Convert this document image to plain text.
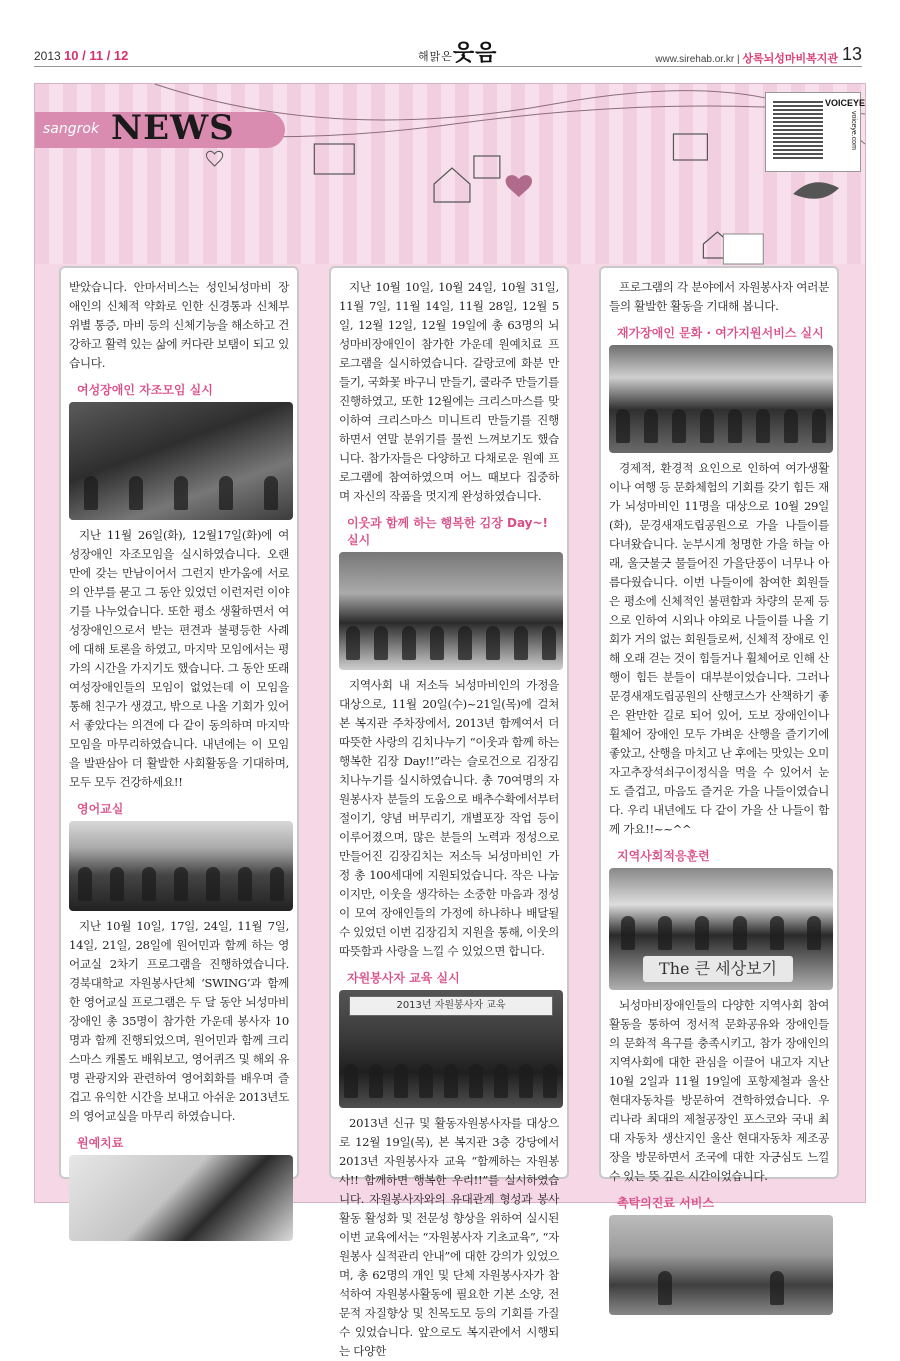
2013 10 / 11 / 12	해맑은웃음	www.sirehab.or.kr | 상록뇌성마비복지관 13
sangrok NEWS
VOICEYE
voiceye.com

받았습니다. 안마서비스는 성인뇌성마비 장애인의 신체적 약화로 인한 신경통과 신체부위별 통증, 마비 등의 신체기능을 해소하고 건강하고 활력 있는 삶에 커다란 보탬이 되고 있습니다.

여성장애인 자조모임 실시

지난 11월 26일(화), 12월17일(화)에 여성장애인 자조모임을 실시하였습니다. 오랜만에 갖는 만남이어서 그런지 반가움에 서로의 안부를 묻고 그 동안 있었던 이런저런 이야기를 나누었습니다. 또한 평소 생활하면서 여성장애인으로서 받는 편견과 불평등한 사례에 대해 토론을 하였고, 마지막 모임에서는 평가의 시간을 가지기도 했습니다. 그 동안 또래 여성장애인들의 모임이 없었는데 이 모임을 통해 친구가 생겼고, 밖으로 나올 기회가 있어서 좋았다는 의견에 다 같이 동의하며 마지막 모임을 마무리하였습니다. 내년에는 이 모임을 발판삼아 더 활발한 사회활동을 기대하며, 모두 모두 건강하세요!!

영어교실

지난 10월 10일, 17일, 24일, 11월 7일, 14일, 21일, 28일에 원어민과 함께 하는 영어교실 2차기 프로그램을 진행하였습니다. 경북대학교 자원봉사단체 ‘SWING’과 함께 한 영어교실 프로그램은 두 달 동안 뇌성마비장애인 총 35명이 참가한 가운데 봉사자 10명과 함께 진행되었으며, 원어민과 함께 크리스마스 캐롤도 배워보고, 영어퀴즈 및 해외 유명 관광지와 관련하여 영어회화를 배우며 즐겁고 유익한 시간을 보내고 아쉬운 2013년도의 영어교실을 마무리 하였습니다.

원예치료

지난 10월 10일, 10월 24일, 10월 31일, 11월 7일, 11월 14일, 11월 28일, 12월 5일, 12월 12일, 12월 19일에 총 63명의 뇌성마비장애인이 참가한 가운데 원예치료 프로그램을 실시하였습니다. 갈랑코에 화분 만들기, 국화꽃 바구니 만들기, 쿨라주 만들기를 진행하였고, 또한 12월에는 크리스마스를 맞이하여 크리스마스 미니트리 만들기를 진행하면서 연말 분위기를 물씬 느껴보기도 했습니다. 참가자들은 다양하고 다채로운 원예 프로그램에 참여하였으며 어느 때보다 집중하며 자신의 작품을 멋지게 완성하였습니다.

이웃과 함께 하는 행복한 김장 Day~! 실시

지역사회 내 저소득 뇌성마비인의 가정을 대상으로, 11월 20일(수)~21일(목)에 걸쳐 본 복지관 주차장에서, 2013년 함께여서 더 따뜻한 사랑의 김치나누기 “이웃과 함께 하는 행복한 김장 Day!!”라는 슬로건으로 김장김치나누기를 실시하였습니다. 총 70여명의 자원봉사자 분들의 도움으로 배추수확에서부터 절이기, 양념 버무리기, 개별포장 작업 등이 이루어졌으며, 많은 분들의 노력과 정성으로 만들어진 김장김치는 저소득 뇌성마비인 가정 총 100세대에 지원되었습니다. 작은 나눔이지만, 이웃을 생각하는 소중한 마음과 정성이 모여 장애인들의 가정에 하나하나 배달될 수 있었던 이번 김장김치 지원을 통해, 이웃의 따뜻함과 사랑을 느낄 수 있었으면 합니다.

자원봉사자 교육 실시
2013년 자원봉사자 교육

2013년 신규 및 활동자원봉사자를 대상으로 12월 19일(목), 본 복지관 3층 강당에서 2013년 자원봉사자 교육 “함께하는 자원봉사!! 함께하면 행복한 우리!!”를 실시하였습니다. 자원봉사자와의 유대관계 형성과 봉사활동 활성화 및 전문성 향상을 위하여 실시된 이번 교육에서는 “자원봉사자 기초교육”, “자원봉사 실적관리 안내”에 대한 강의가 있었으며, 총 62명의 개인 및 단체 자원봉사자가 참석하여 자원봉사활동에 필요한 기본 소양, 전문적 자질향상 및 친목도모 등의 기회를 가질 수 있었습니다. 앞으로도 복지관에서 시행되는 다양한

프로그램의 각 분야에서 자원봉사자 여러분들의 활발한 활동을 기대해 봅니다.

재가장애인 문화 · 여가지원서비스 실시

경제적, 환경적 요인으로 인하여 여가생활이나 여행 등 문화체험의 기회를 갖기 힘든 재가 뇌성마비인 11명을 대상으로 10월 29일(화), 문경새재도립공원으로 가을 나들이를 다녀왔습니다. 눈부시게 청명한 가을 하늘 아래, 울긋불긋 물들어진 가을단풍이 너무나 아름다웠습니다. 이번 나들이에 참여한 회원들은 평소에 신체적인 불편함과 차량의 문제 등으로 인하여 시외나 야외로 나들이를 나올 기회가 거의 없는 회원들로써, 신체적 장애로 인해 오래 걷는 것이 힘들거나 휠체어로 인해 산행이 힘든 분들이 대부분이었습니다. 그러나 문경새재도립공원의 산행코스가 산책하기 좋은 완만한 길로 되어 있어, 도보 장애인이나 휠체어 장애인 모두 가벼운 산행을 즐기기에 좋았고, 산행을 마치고 난 후에는 맛있는 오미자고추장석쇠구이정식을 먹을 수 있어서 눈도 즐겁고, 마음도 즐거운 가을 나들이였습니다. 우리 내년에도 다 같이 가을 산 나들이 함께 가요!!~~^^

지역사회적응훈련
The 큰 세상보기

뇌성마비장애인들의 다양한 지역사회 참여활동을 통하여 정서적 문화공유와 장애인들의 문화적 욕구를 충족시키고, 참가 장애인의 지역사회에 대한 관심을 이끌어 내고자 지난 10월 2일과 11월 19일에 포항제철과 울산 현대자동차를 방문하여 견학하였습니다. 우리나라 최대의 제철공장인 포스코와 국내 최대 자동차 생산지인 울산 현대자동차 제조공장을 방문하면서 조국에 대한 자긍심도 느낄 수 있는 뜻 깊은 시간이었습니다.

촉탁의진료 서비스
